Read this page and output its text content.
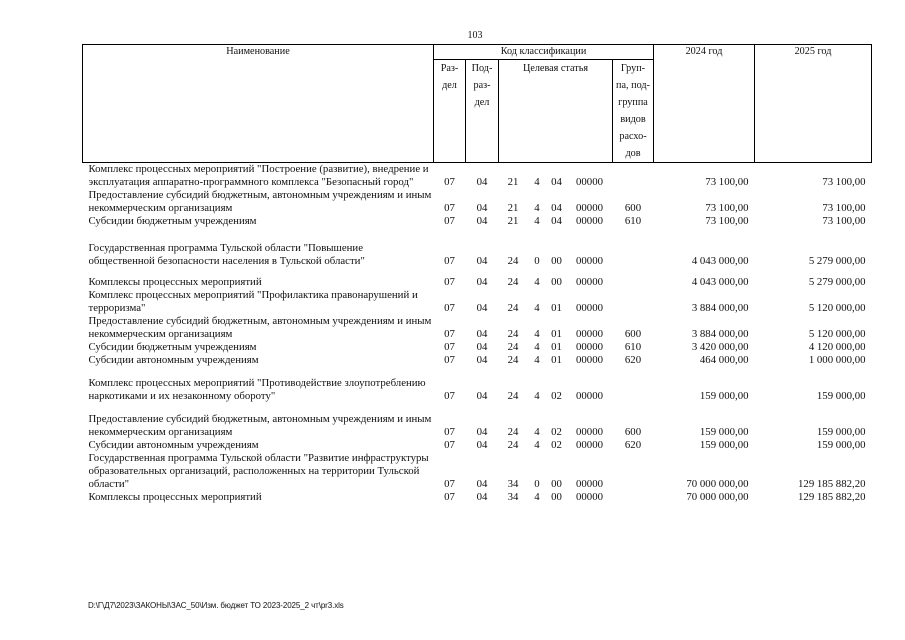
103
Наименование	Код классификации							2024 год	2025 год
	Раз- дел	Под- раз- дел	Целевая статья				Груп- па, под- группа видов расхо- дов		
Комплекс процессных мероприятий "Построение (развитие), внедрение и эксплуатация аппаратно-программного комплекса "Безопасный город"	07	04	21	4	04	00000		73 100,00	73 100,00
Предоставление субсидий бюджетным, автономным учреждениям и иным некоммерческим организациям	07	04	21	4	04	00000	600	73 100,00	73 100,00
Субсидии бюджетным учреждениям	07	04	21	4	04	00000	610	73 100,00	73 100,00
Государственная программа Тульской области "Повышение общественной безопасности населения в Тульской области"	07	04	24	0	00	00000		4 043 000,00	5 279 000,00
Комплексы процессных мероприятий	07	04	24	4	00	00000		4 043 000,00	5 279 000,00
Комплекс процессных мероприятий "Профилактика правонарушений и терроризма"	07	04	24	4	01	00000		3 884 000,00	5 120 000,00
Предоставление субсидий бюджетным, автономным учреждениям и иным некоммерческим организациям	07	04	24	4	01	00000	600	3 884 000,00	5 120 000,00
Субсидии бюджетным учреждениям	07	04	24	4	01	00000	610	3 420 000,00	4 120 000,00
Субсидии автономным учреждениям	07	04	24	4	01	00000	620	464 000,00	1 000 000,00
Комплекс процессных мероприятий "Противодействие злоупотреблению наркотиками и их незаконному обороту"	07	04	24	4	02	00000		159 000,00	159 000,00
Предоставление субсидий бюджетным, автономным учреждениям и иным некоммерческим организациям	07	04	24	4	02	00000	600	159 000,00	159 000,00
Субсидии автономным учреждениям	07	04	24	4	02	00000	620	159 000,00	159 000,00
Государственная программа Тульской области "Развитие инфраструктуры образовательных организаций, расположенных на территории Тульской области"	07	04	34	0	00	00000		70 000 000,00	129 185 882,20
Комплексы процессных мероприятий	07	04	34	4	00	00000		70 000 000,00	129 185 882,20
D:\Г\Д7\2023\ЗАКОНЫ\ЗАС_50\Изм. бюджет ТО 2023-2025_2 чт\pr3.xls
